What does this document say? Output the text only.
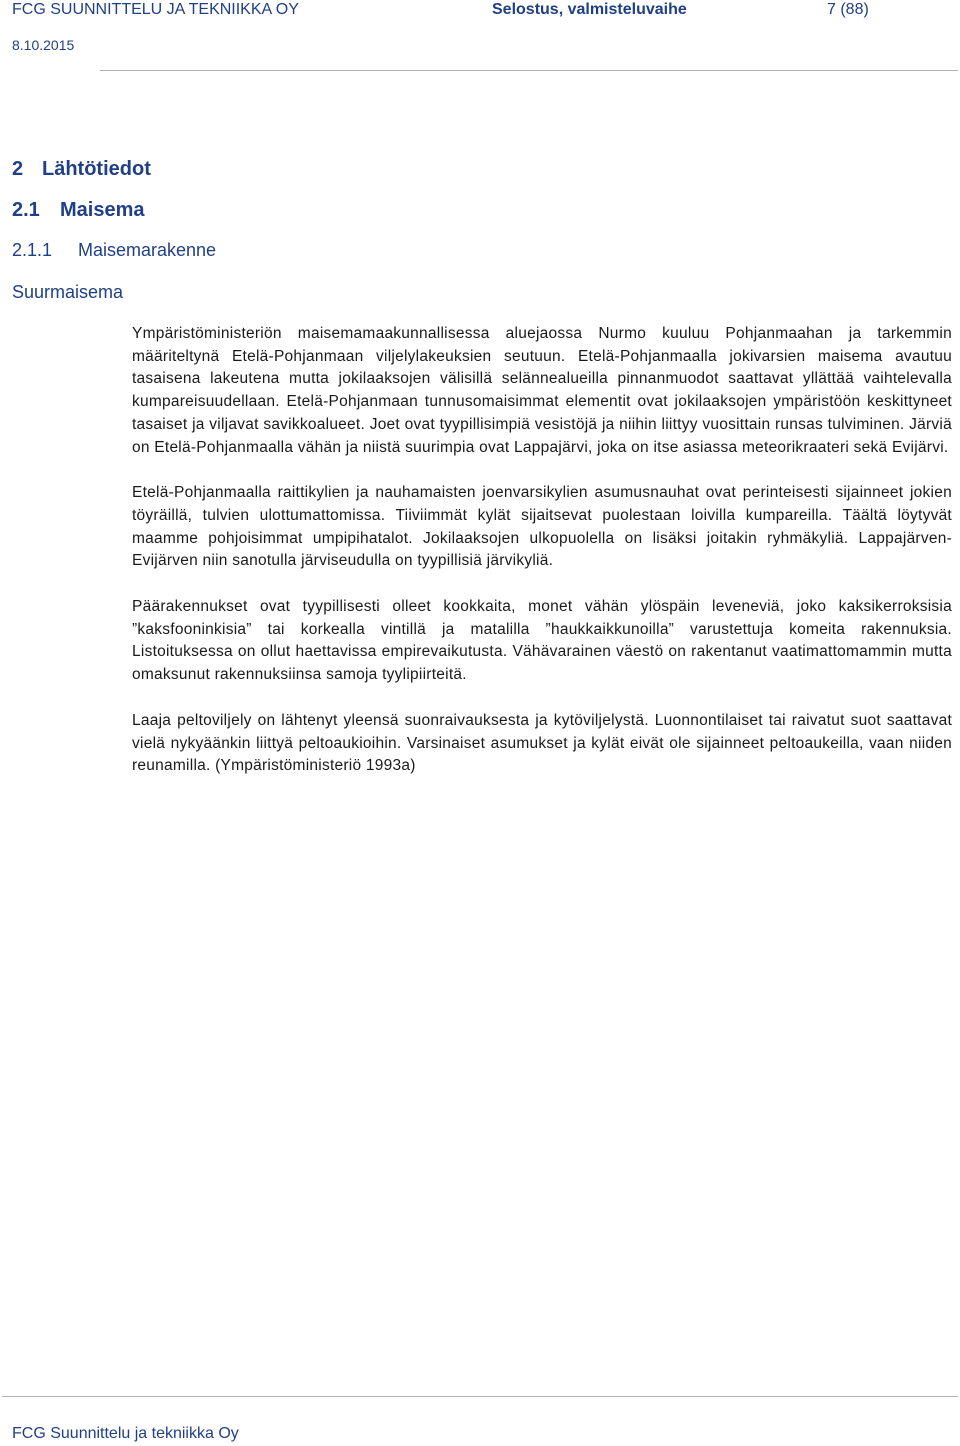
FCG SUUNNITTELU JA TEKNIIKKA OY	Selostus, valmisteluvaihe	7 (88)
8.10.2015
2 Lähtötiedot
2.1 Maisema
2.1.1 Maisemarakenne
Suurmaisema

Ympäristöministeriön maisemamaakunnallisessa aluejaossa Nurmo kuuluu Pohjanmaahan ja tarkemmin määriteltynä Etelä-Pohjanmaan viljelylakeuksien seutuun. Etelä-Pohjanmaalla jokivarsien maisema avautuu tasaisena lakeutena mutta jokilaaksojen välisillä selännealueilla pinnanmuodot saattavat yllättää vaihtelevalla kumpareisuudellaan. Etelä-Pohjanmaan tunnusomaisimmat elementit ovat jokilaaksojen ympäristöön keskittyneet tasaiset ja viljavat savikkoalueet. Joet ovat tyypillisimpiä vesistöjä ja niihin liittyy vuosittain runsas tulviminen. Järviä on Etelä-Pohjanmaalla vähän ja niistä suurimpia ovat Lappajärvi, joka on itse asiassa meteorikraateri sekä Evijärvi.

Etelä-Pohjanmaalla raittikylien ja nauhamaisten joenvarsikylien asumusnauhat ovat perinteisesti sijainneet jokien töyräillä, tulvien ulottumattomissa. Tiiviimmät kylät sijaitsevat puolestaan loivilla kumpareilla. Täältä löytyvät maamme pohjoisimmat umpipihatalot. Jokilaaksojen ulkopuolella on lisäksi joitakin ryhmäkyliä. Lappajärven-Evijärven niin sanotulla järviseudulla on tyypillisiä järvikyliä.

Päärakennukset ovat tyypillisesti olleet kookkaita, monet vähän ylöspäin leveneviä, joko kaksikerroksisia ”kaksfooninkisia” tai korkealla vintillä ja matalilla ”haukkaikkunoilla” varustettuja komeita rakennuksia. Listoituksessa on ollut haettavissa empirevaikutusta. Vähävarainen väestö on rakentanut vaatimattomammin mutta omaksunut rakennuksiinsa samoja tyylipiirteitä.

Laaja peltoviljely on lähtenyt yleensä suonraivauksesta ja kytöviljelystä. Luonnontilaiset tai raivatut suot saattavat vielä nykyäänkin liittyä peltoaukioihin. Varsinaiset asumukset ja kylät eivät ole sijainneet peltoaukeilla, vaan niiden reunamilla. (Ympäristöministeriö 1993a)

FCG Suunnittelu ja tekniikka Oy
